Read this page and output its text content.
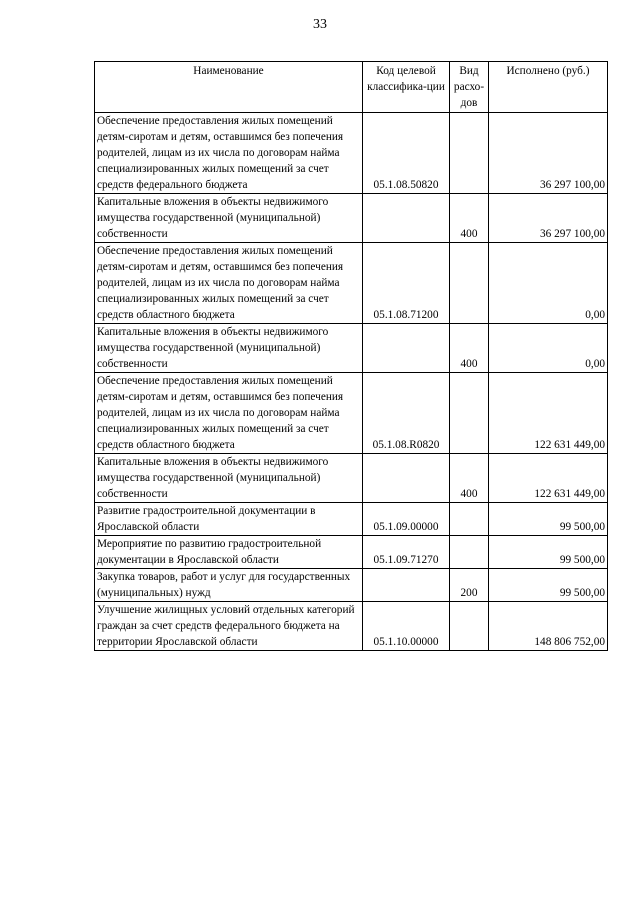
33
Наименование	Код целевой классифика-ции	Вид расхо-дов	Исполнено (руб.)
Обеспечение предоставления жилых помещений детям-сиротам и детям, оставшимся без попечения родителей, лицам из их числа по договорам найма специализированных жилых помещений за счет средств федерального бюджета	05.1.08.50820		36 297 100,00
Капитальные вложения в объекты недвижимого имущества государственной (муниципальной) собственности		400	36 297 100,00
Обеспечение предоставления жилых помещений детям-сиротам и детям, оставшимся без попечения родителей, лицам из их числа по договорам найма специализированных жилых помещений за счет средств областного бюджета	05.1.08.71200		0,00
Капитальные вложения в объекты недвижимого имущества государственной (муниципальной) собственности		400	0,00
Обеспечение предоставления жилых помещений детям-сиротам и детям, оставшимся без попечения родителей, лицам из их числа по договорам найма специализированных жилых помещений за счет средств областного бюджета	05.1.08.R0820		122 631 449,00
Капитальные вложения в объекты недвижимого имущества государственной (муниципальной) собственности		400	122 631 449,00
Развитие градостроительной документации в Ярославской области	05.1.09.00000		99 500,00
Мероприятие по развитию градостроительной документации в Ярославской области	05.1.09.71270		99 500,00
Закупка товаров, работ и услуг для государственных (муниципальных) нужд		200	99 500,00
Улучшение жилищных условий отдельных категорий граждан за счет средств федерального бюджета на территории Ярославской области	05.1.10.00000		148 806 752,00
